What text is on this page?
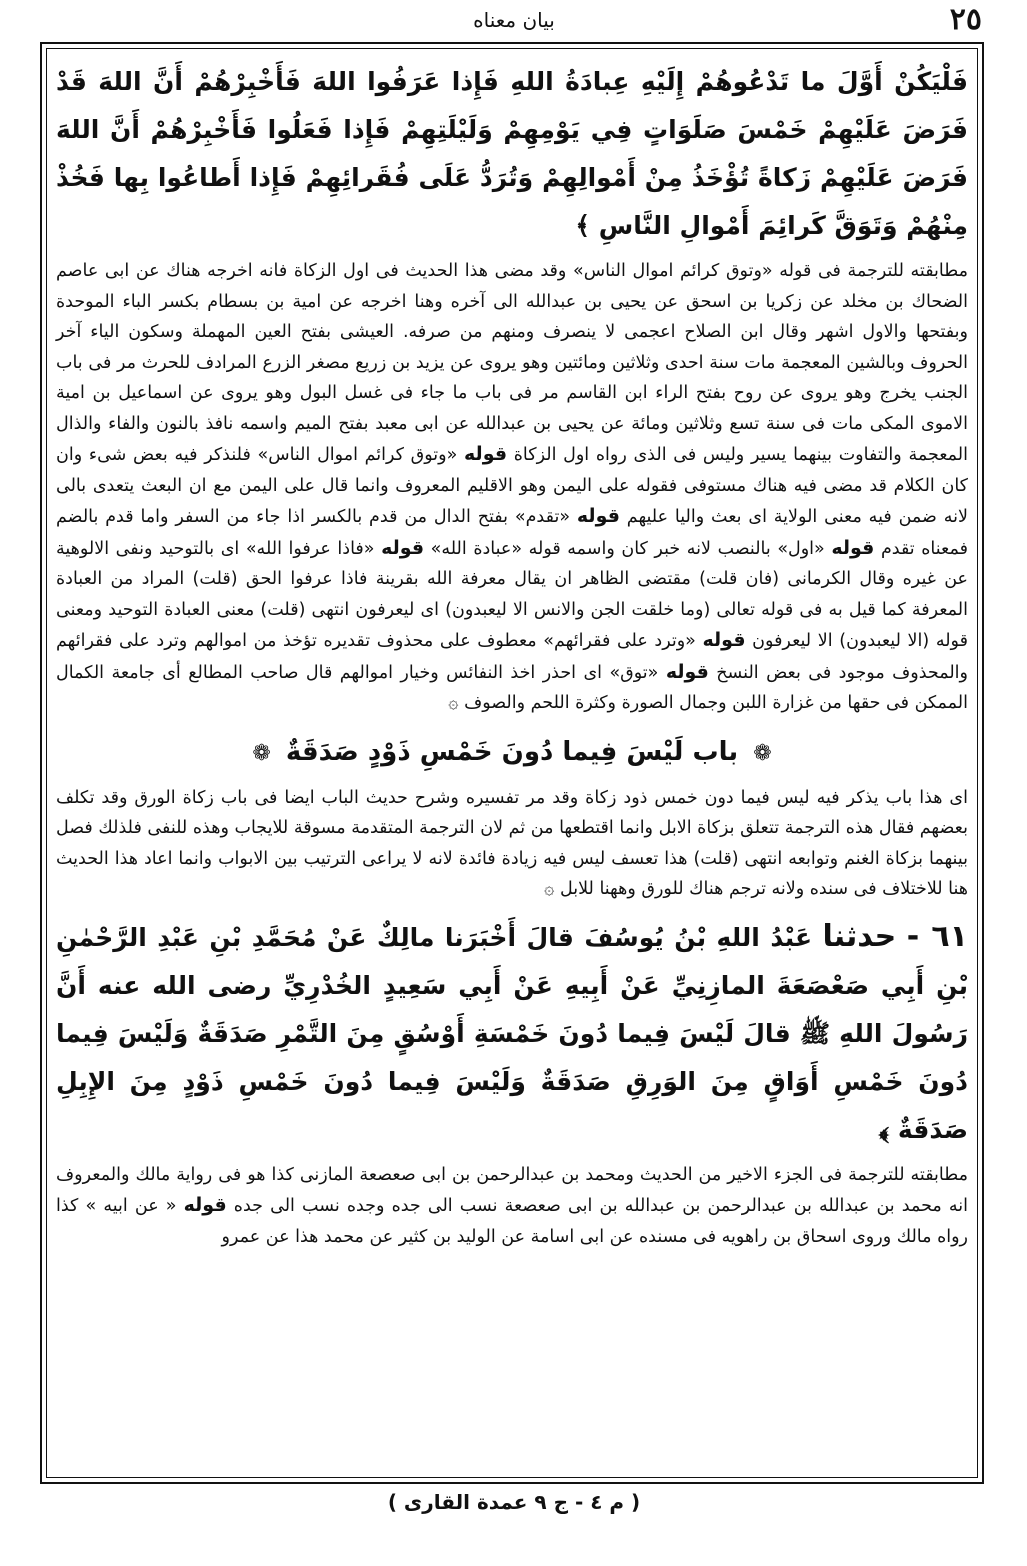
٢٥
بيان معناه

فَلْيَكُنْ أَوَّلَ ما تَدْعُوهُمْ إِلَيْهِ عِبادَةُ اللهِ فَإِذا عَرَفُوا اللهَ فَأَخْبِرْهُمْ أَنَّ اللهَ قَدْ فَرَضَ عَلَيْهِمْ خَمْسَ صَلَوَاتٍ فِي يَوْمِهِمْ وَلَيْلَتِهِمْ فَإِذا فَعَلُوا فَأَخْبِرْهُمْ أَنَّ اللهَ فَرَضَ عَلَيْهِمْ زَكاةً تُؤْخَذُ مِنْ أَمْوالِهِمْ وَتُرَدُّ عَلَى فُقَرائِهِمْ فَإِذا أَطاعُوا بِها فَخُذْ مِنْهُمْ وَتَوَقَّ كَرائِمَ أَمْوالِ النَّاسِ ﴾

مطابقته للترجمة فى قوله «وتوق كرائم اموال الناس» وقد مضى هذا الحديث فى اول الزكاة فانه اخرجه هناك عن ابى عاصم الضحاك بن مخلد عن زكريا بن اسحق عن يحيى بن عبدالله الى آخره وهنا اخرجه عن امية بن بسطام بكسر الباء الموحدة وبفتحها والاول اشهر وقال ابن الصلاح اعجمى لا ينصرف ومنهم من صرفه. العيشى بفتح العين المهملة وسكون الياء آخر الحروف وبالشين المعجمة مات سنة احدى وثلاثين ومائتين وهو يروى عن يزيد بن زريع مصغر الزرع المرادف للحرث مر فى باب الجنب يخرج وهو يروى عن روح بفتح الراء ابن القاسم مر فى باب ما جاء فى غسل البول وهو يروى عن اسماعيل بن امية الاموى المكى مات فى سنة تسع وثلاثين ومائة عن يحيى بن عبدالله عن ابى معبد بفتح الميم واسمه نافذ بالنون والفاء والذال المعجمة والتفاوت بينهما يسير وليس فى الذى رواه اول الزكاة قوله «وتوق كرائم اموال الناس» فلنذكر فيه بعض شىء وان كان الكلام قد مضى فيه هناك مستوفى فقوله على اليمن وهو الاقليم المعروف وانما قال على اليمن مع ان البعث يتعدى بالى لانه ضمن فيه معنى الولاية اى بعث واليا عليهم قوله «تقدم» بفتح الدال من قدم بالكسر اذا جاء من السفر واما قدم بالضم فمعناه تقدم قوله «اول» بالنصب لانه خبر كان واسمه قوله «عبادة الله» قوله «فاذا عرفوا الله» اى بالتوحيد ونفى الالوهية عن غيره وقال الكرمانى (فان قلت) مقتضى الظاهر ان يقال معرفة الله بقرينة فاذا عرفوا الحق (قلت) المراد من العبادة المعرفة كما قيل به فى قوله تعالى (وما خلقت الجن والانس الا ليعبدون) اى ليعرفون انتهى (قلت) معنى العبادة التوحيد ومعنى قوله (الا ليعبدون) الا ليعرفون قوله «وترد على فقرائهم» معطوف على محذوف تقديره تؤخذ من اموالهم وترد على فقرائهم والمحذوف موجود فى بعض النسخ قوله «توق» اى احذر اخذ النفائس وخيار اموالهم قال صاحب المطالع أى جامعة الكمال الممكن فى حقها من غزارة اللبن وجمال الصورة وكثرة اللحم والصوف ۞

❁ باب لَيْسَ فِيما دُونَ خَمْسِ ذَوْدٍ صَدَقَةٌ ❁

اى هذا باب يذكر فيه ليس فيما دون خمس ذود زكاة وقد مر تفسيره وشرح حديث الباب ايضا فى باب زكاة الورق وقد تكلف بعضهم فقال هذه الترجمة تتعلق بزكاة الابل وانما اقتطعها من ثم لان الترجمة المتقدمة مسوقة للايجاب وهذه للنفى فلذلك فصل بينهما بزكاة الغنم وتوابعه انتهى (قلت) هذا تعسف ليس فيه زيادة فائدة لانه لا يراعى الترتيب بين الابواب وانما اعاد هذا الحديث هنا للاختلاف فى سنده ولانه ترجم هناك للورق وههنا للابل ۞

٦١ - حدثنا عَبْدُ اللهِ بْنُ يُوسُفَ قالَ أَخْبَرَنا مالِكٌ عَنْ مُحَمَّدِ بْنِ عَبْدِ الرَّحْمٰنِ بْنِ أَبِي صَعْصَعَةَ المازِنِيِّ عَنْ أَبِيهِ عَنْ أَبِي سَعِيدٍ الخُدْرِيِّ رضى الله عنه أَنَّ رَسُولَ اللهِ ﷺ قالَ لَيْسَ فِيما دُونَ خَمْسَةِ أَوْسُقٍ مِنَ التَّمْرِ صَدَقَةٌ وَلَيْسَ فِيما دُونَ خَمْسِ أَوَاقٍ مِنَ الوَرِقِ صَدَقَةٌ وَلَيْسَ فِيما دُونَ خَمْسِ ذَوْدٍ مِنَ الإِبِلِ صَدَقَةٌ ﴾

مطابقته للترجمة فى الجزء الاخير من الحديث ومحمد بن عبدالرحمن بن ابى صعصعة المازنى كذا هو فى رواية مالك والمعروف انه محمد بن عبدالله بن عبدالرحمن بن عبدالله بن ابى صعصعة نسب الى جده وجده نسب الى جده قوله « عن ابيه » كذا رواه مالك وروى اسحاق بن راهويه فى مسنده عن ابى اسامة عن الوليد بن كثير عن محمد هذا عن عمرو

( م ٤ - ج ٩ عمدة القارى )
